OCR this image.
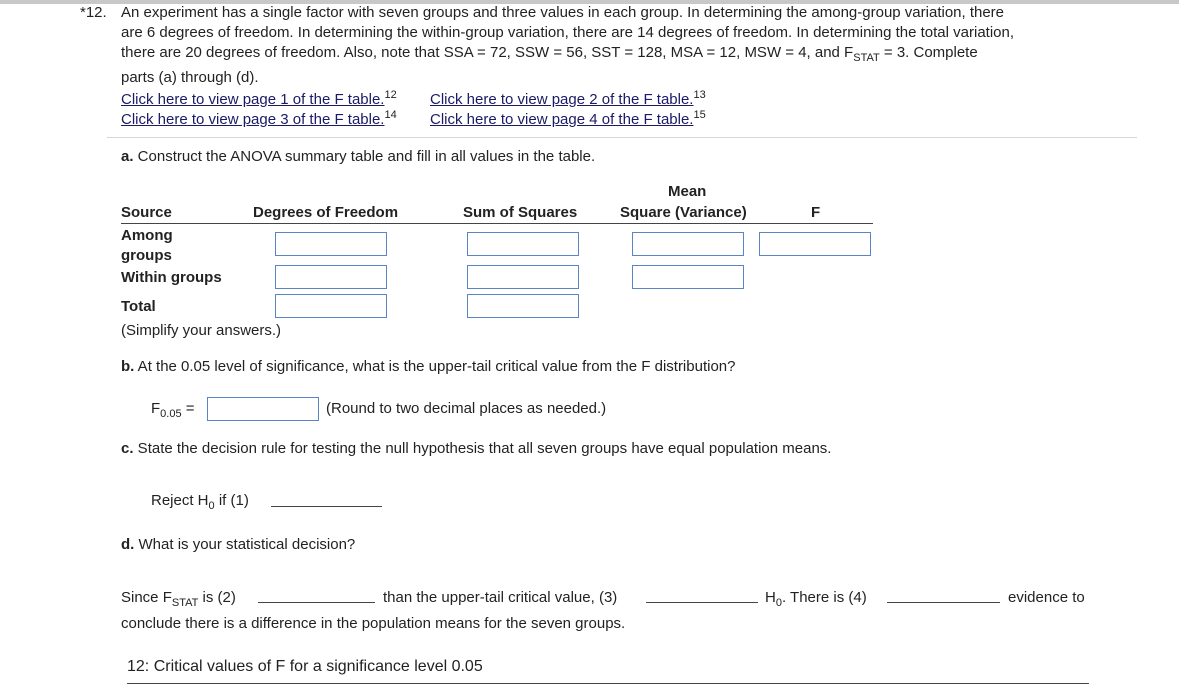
*12. An experiment has a single factor with seven groups and three values in each group. In determining the among-group variation, there
are 6 degrees of freedom. In determining the within-group variation, there are 14 degrees of freedom. In determining the total variation,
there are 20 degrees of freedom. Also, note that SSA = 72, SSW = 56, SST = 128, MSA = 12, MSW = 4, and $F_{STAT} = 3$. Complete
parts (a) through (d).
Click here to view page 1 of the F table.$^{12}$ Click here to view page 2 of the F table.$^{13}$
Click here to view page 3 of the F table.$^{14}$ Click here to view page 4 of the F table.$^{15}$
a. Construct the ANOVA summary table and fill in all values in the table.
Mean
Source	Degrees of Freedom	Sum of Squares	Square (Variance)	F
Among
groups
Within groups
Total
(Simplify your answers.)
b. At the 0.05 level of significance, what is the upper-tail critical value from the F distribution?
$F_{0.05}$ =	(Round to two decimal places as needed.)
c. State the decision rule for testing the null hypothesis that all seven groups have equal population means.
Reject $H_0$ if (1)
d. What is your statistical decision?
Since $F_{STAT}$ is (2)	than the upper-tail critical value, (3)	$H_0$. There is (4)	evidence to
conclude there is a difference in the population means for the seven groups.
12: Critical values of F for a significance level 0.05
